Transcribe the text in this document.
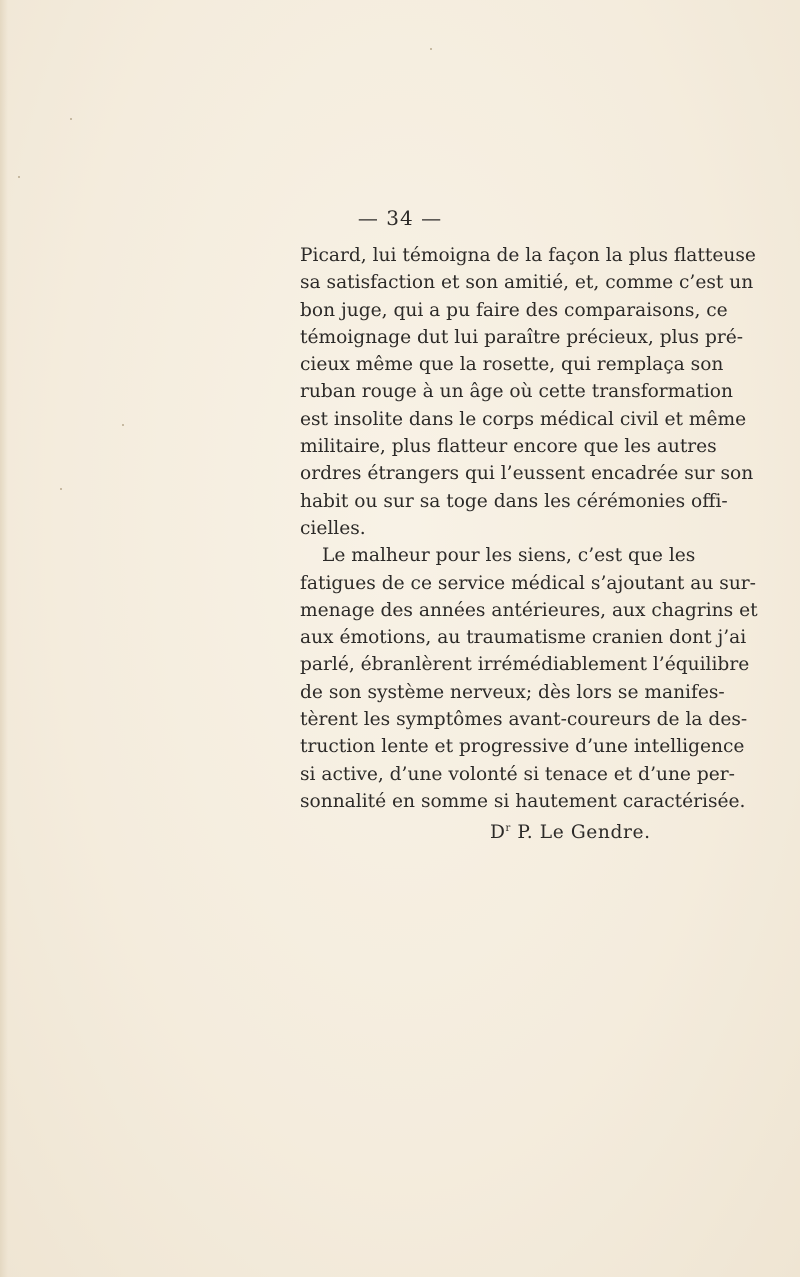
— 34 —
Picard, lui témoigna de la façon la plus flatteuse
sa satisfaction et son amitié, et, comme c’est un
bon juge, qui a pu faire des comparaisons, ce
témoignage dut lui paraître précieux, plus pré-
cieux même que la rosette, qui remplaça son
ruban rouge à un âge où cette transformation
est insolite dans le corps médical civil et même
militaire, plus flatteur encore que les autres
ordres étrangers qui l’eussent encadrée sur son
habit ou sur sa toge dans les cérémonies offi-
cielles.
Le malheur pour les siens, c’est que les
fatigues de ce service médical s’ajoutant au sur-
menage des années antérieures, aux chagrins et
aux émotions, au traumatisme cranien dont j’ai
parlé, ébranlèrent irrémédiablement l’équilibre
de son système nerveux; dès lors se manifes-
tèrent les symptômes avant-coureurs de la des-
truction lente et progressive d’une intelligence
si active, d’une volonté si tenace et d’une per-
sonnalité en somme si hautement caractérisée.
$D^r$ P. Le Gendre.
